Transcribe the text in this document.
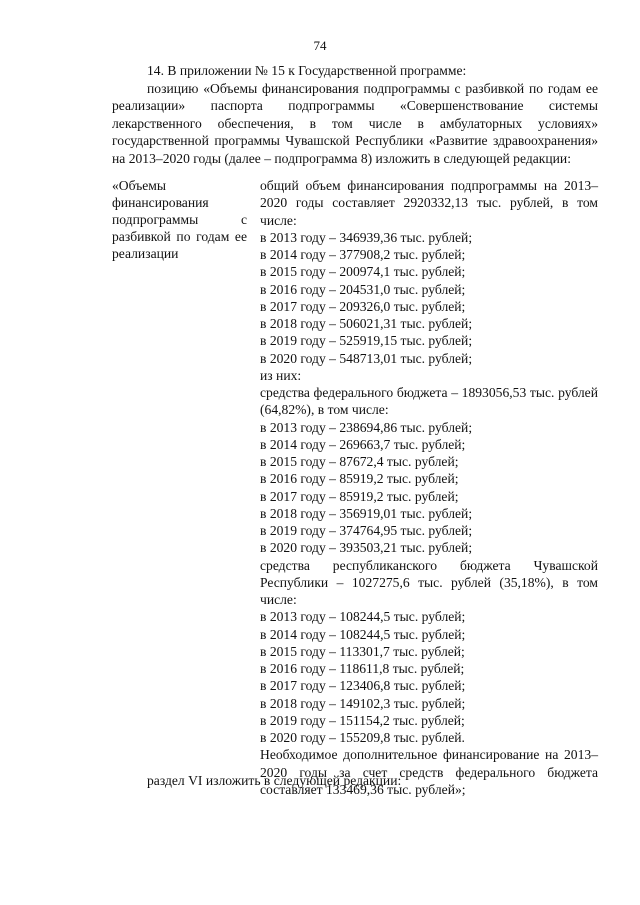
74

14. В приложении № 15 к Государственной программе:

позицию «Объемы финансирования подпрограммы с разбивкой по годам ее реализации» паспорта подпрограммы «Совершенствование системы лекарственного обеспечения, в том числе в амбулаторных условиях» государственной программы Чувашской Республики «Развитие здравоохранения» на 2013–2020 годы (далее – подпрограмма 8) изложить в следующей редакции:

«Объемы финансирования подпрограммы с разбивкой по годам ее реализации

общий объем финансирования подпрограммы на 2013–2020 годы составляет 2920332,13 тыс. рублей, в том числе:

в 2013 году – 346939,36 тыс. рублей;

в 2014 году – 377908,2 тыс. рублей;

в 2015 году – 200974,1 тыс. рублей;

в 2016 году – 204531,0 тыс. рублей;

в 2017 году – 209326,0 тыс. рублей;

в 2018 году – 506021,31 тыс. рублей;

в 2019 году – 525919,15 тыс. рублей;

в 2020 году – 548713,01 тыс. рублей;

из них:

средства федерального бюджета – 1893056,53 тыс. рублей (64,82%), в том числе:

в 2013 году – 238694,86 тыс. рублей;

в 2014 году – 269663,7 тыс. рублей;

в 2015 году – 87672,4 тыс. рублей;

в 2016 году – 85919,2 тыс. рублей;

в 2017 году – 85919,2 тыс. рублей;

в 2018 году – 356919,01 тыс. рублей;

в 2019 году – 374764,95 тыс. рублей;

в 2020 году – 393503,21 тыс. рублей;

средства республиканского бюджета Чувашской Республики – 1027275,6 тыс. рублей (35,18%), в том числе:

в 2013 году – 108244,5 тыс. рублей;

в 2014 году – 108244,5 тыс. рублей;

в 2015 году – 113301,7 тыс. рублей;

в 2016 году – 118611,8 тыс. рублей;

в 2017 году – 123406,8 тыс. рублей;

в 2018 году – 149102,3 тыс. рублей;

в 2019 году – 151154,2 тыс. рублей;

в 2020 году – 155209,8 тыс. рублей.

Необходимое дополнительное финансирование на 2013–2020 годы за счет средств федерального бюджета составляет 133469,36 тыс. рублей»;

раздел VI изложить в следующей редакции:
